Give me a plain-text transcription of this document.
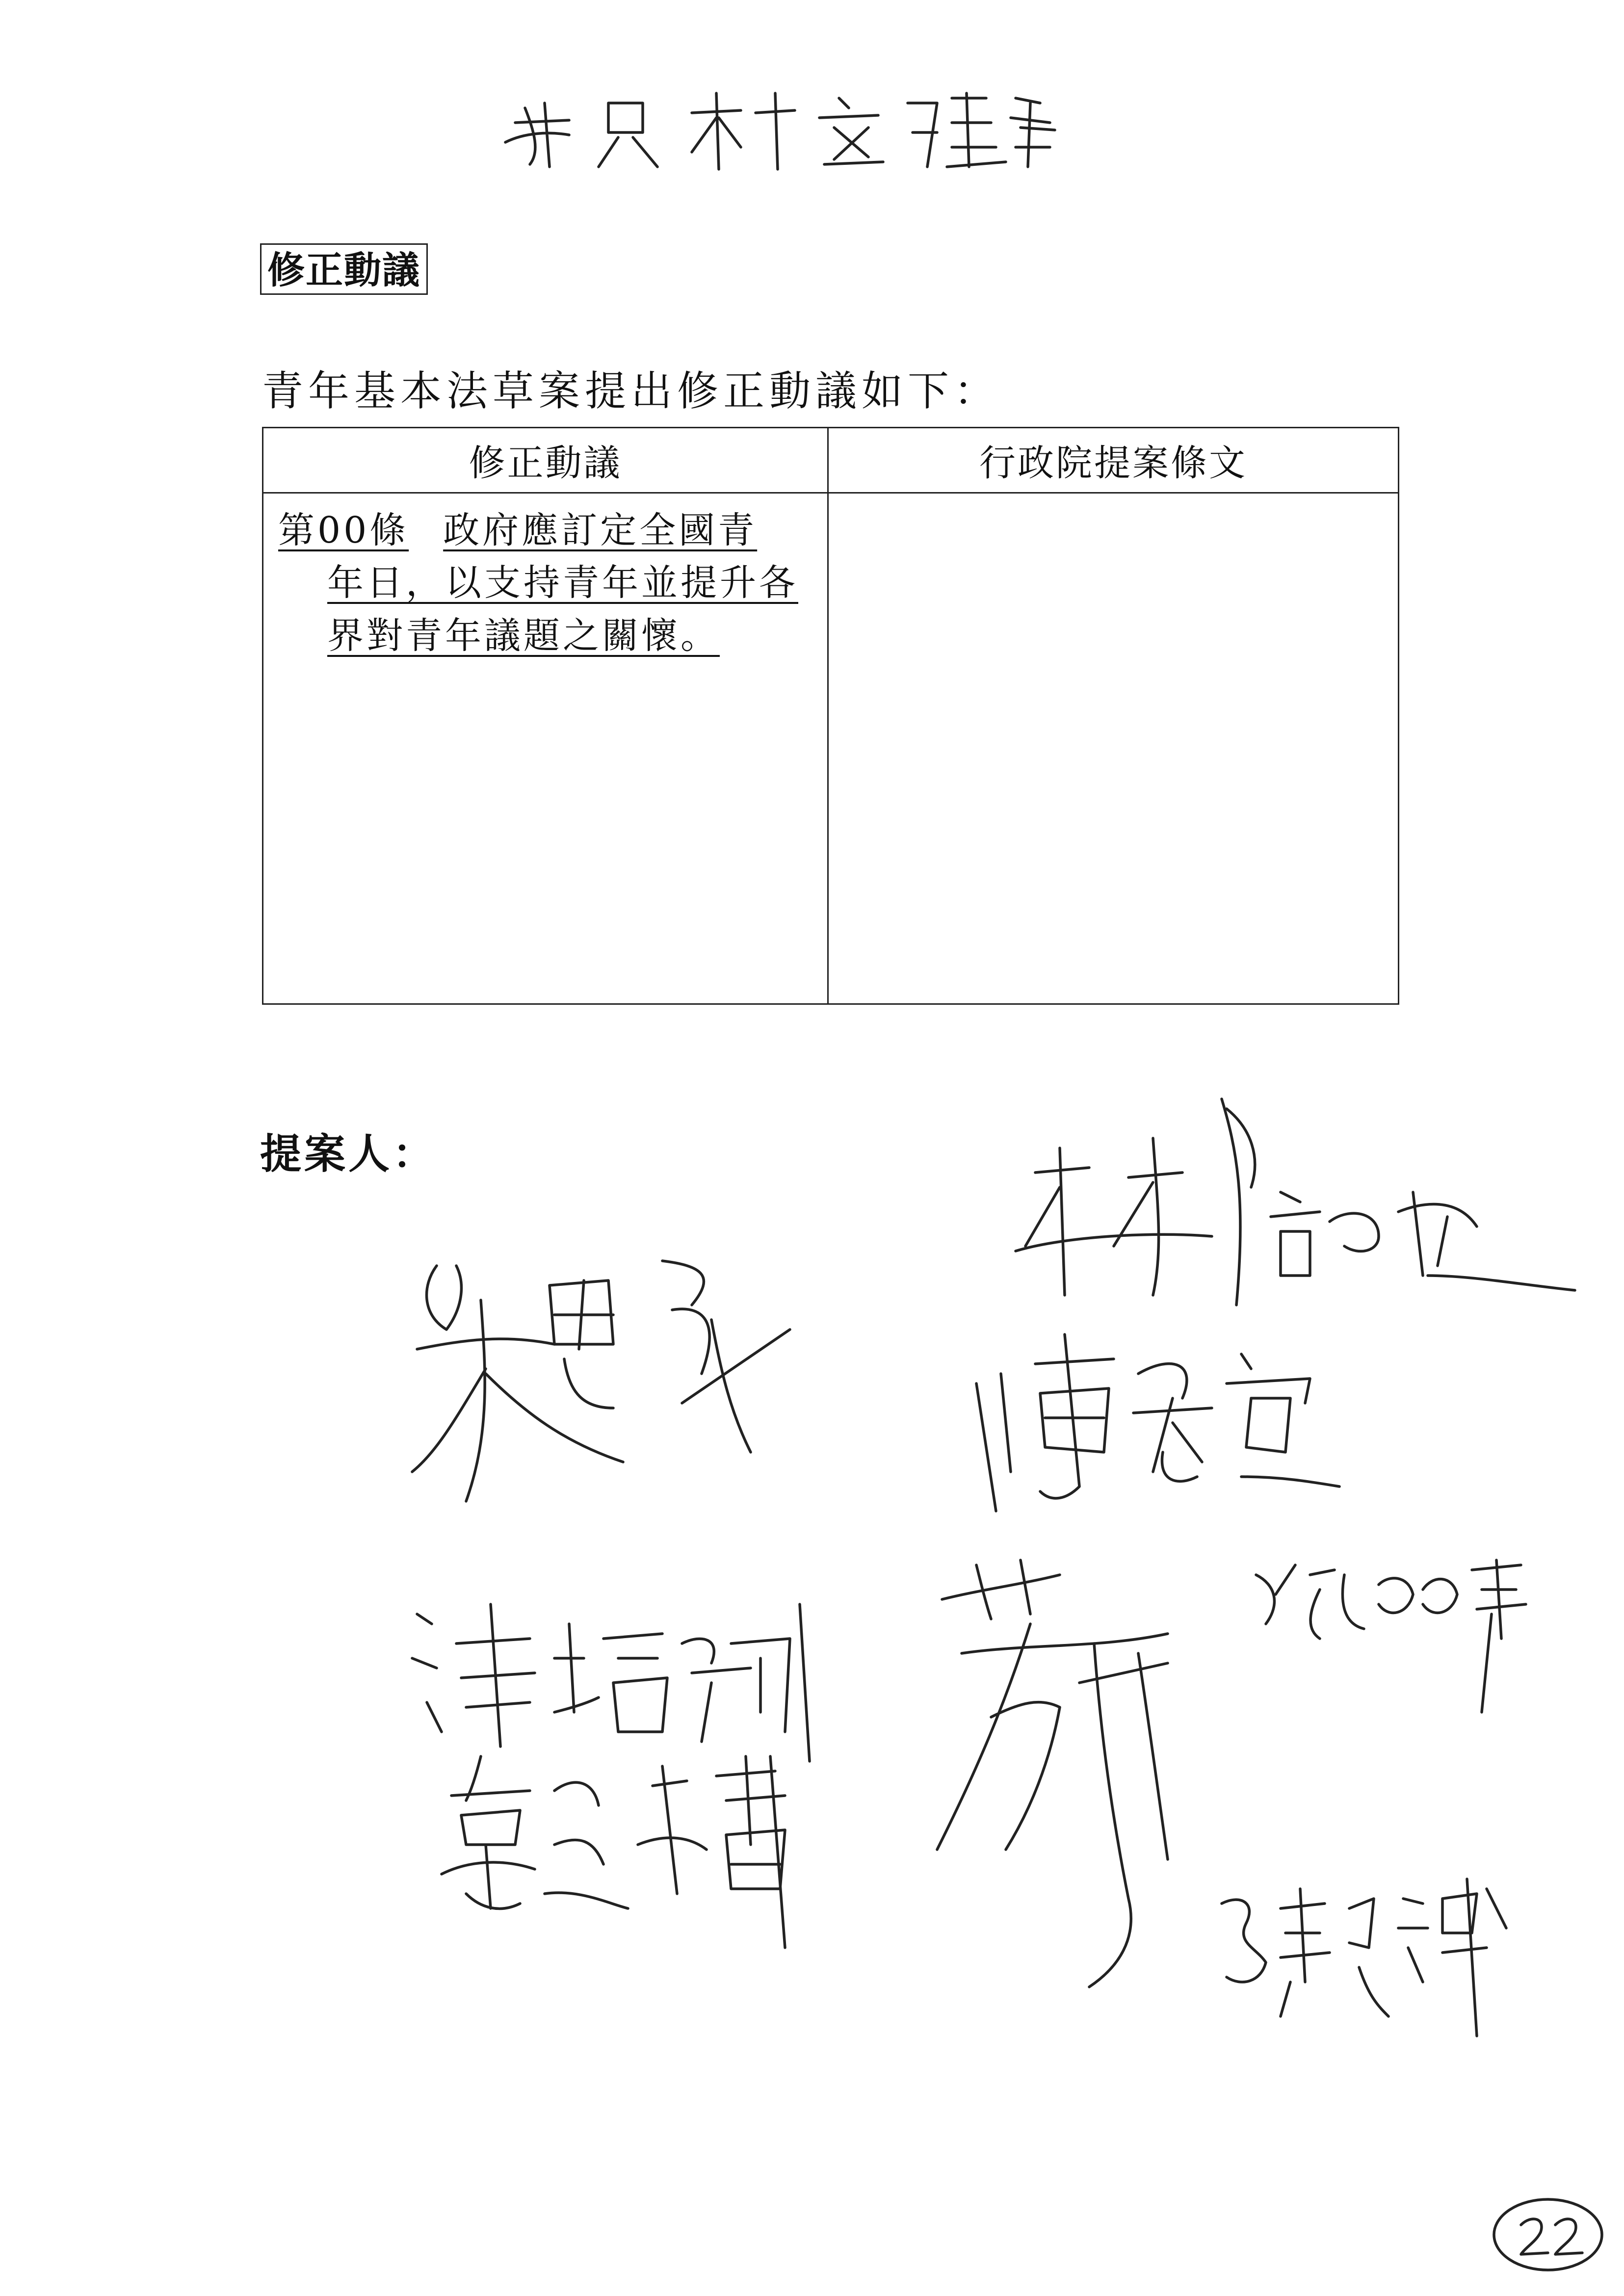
修正動議
青年基本法草案提出修正動議如下：
修正動議	行政院提案條文

第00條 政府應訂定全國青
年日，以支持青年並提升各
界對青年議題之關懷。	

提案人：
